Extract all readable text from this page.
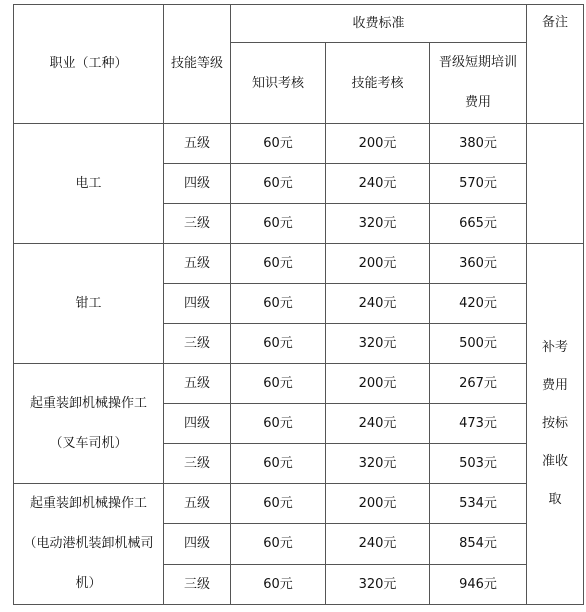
职业（工种）	技能等级	收费标准			备注	
		知识考核	技能考核	晋级短期培训费用		

电工	五级	60元	200元	380元		
	四级	60元	240元	570元		
	三级	60元	320元	665元		
钳工	五级	60元	200元	360元	补考费用按标准收取	
	四级	60元	240元	420元		
	三级	60元	320元	500元		
起重装卸机械操作工（叉车司机）	五级	60元	200元	267元		
	四级	60元	240元	473元		
	三级	60元	320元	503元		
起重装卸机械操作工（电动港机装卸机械司机）	五级	60元	200元	534元		
	四级	60元	240元	854元		
	三级	60元	320元	946元		
